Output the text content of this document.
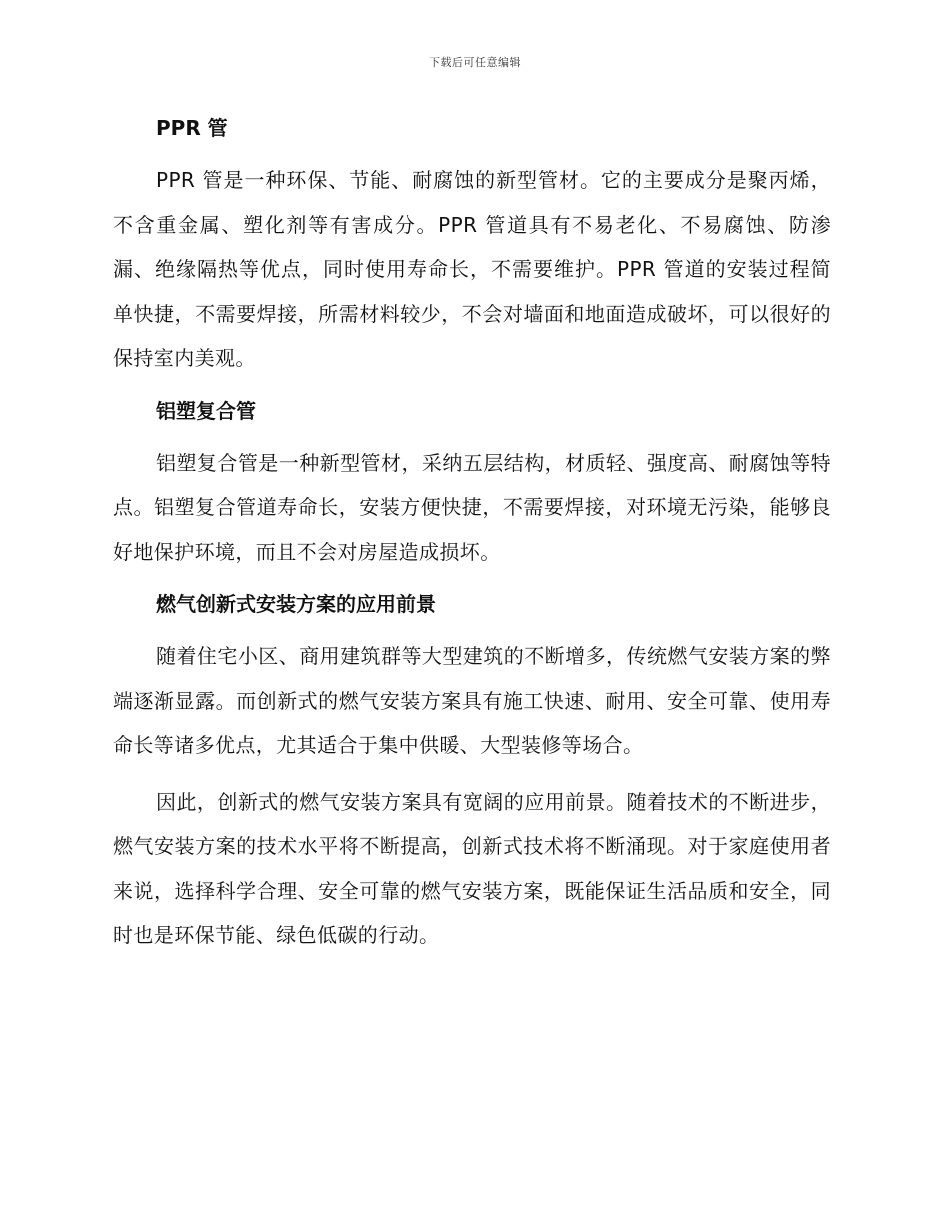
下载后可任意编辑
PPR 管

PPR 管是一种环保、节能、耐腐蚀的新型管材。它的主要成分是聚丙烯，不含重金属、塑化剂等有害成分。PPR 管道具有不易老化、不易腐蚀、防渗漏、绝缘隔热等优点，同时使用寿命长，不需要维护。PPR 管道的安装过程简单快捷，不需要焊接，所需材料较少，不会对墙面和地面造成破坏，可以很好的保持室内美观。

铝塑复合管

铝塑复合管是一种新型管材，采纳五层结构，材质轻、强度高、耐腐蚀等特点。铝塑复合管道寿命长，安装方便快捷，不需要焊接，对环境无污染，能够良好地保护环境，而且不会对房屋造成损坏。

燃气创新式安装方案的应用前景

随着住宅小区、商用建筑群等大型建筑的不断增多，传统燃气安装方案的弊端逐渐显露。而创新式的燃气安装方案具有施工快速、耐用、安全可靠、使用寿命长等诸多优点，尤其适合于集中供暖、大型装修等场合。

因此，创新式的燃气安装方案具有宽阔的应用前景。随着技术的不断进步，燃气安装方案的技术水平将不断提高，创新式技术将不断涌现。对于家庭使用者来说，选择科学合理、安全可靠的燃气安装方案，既能保证生活品质和安全，同时也是环保节能、绿色低碳的行动。
